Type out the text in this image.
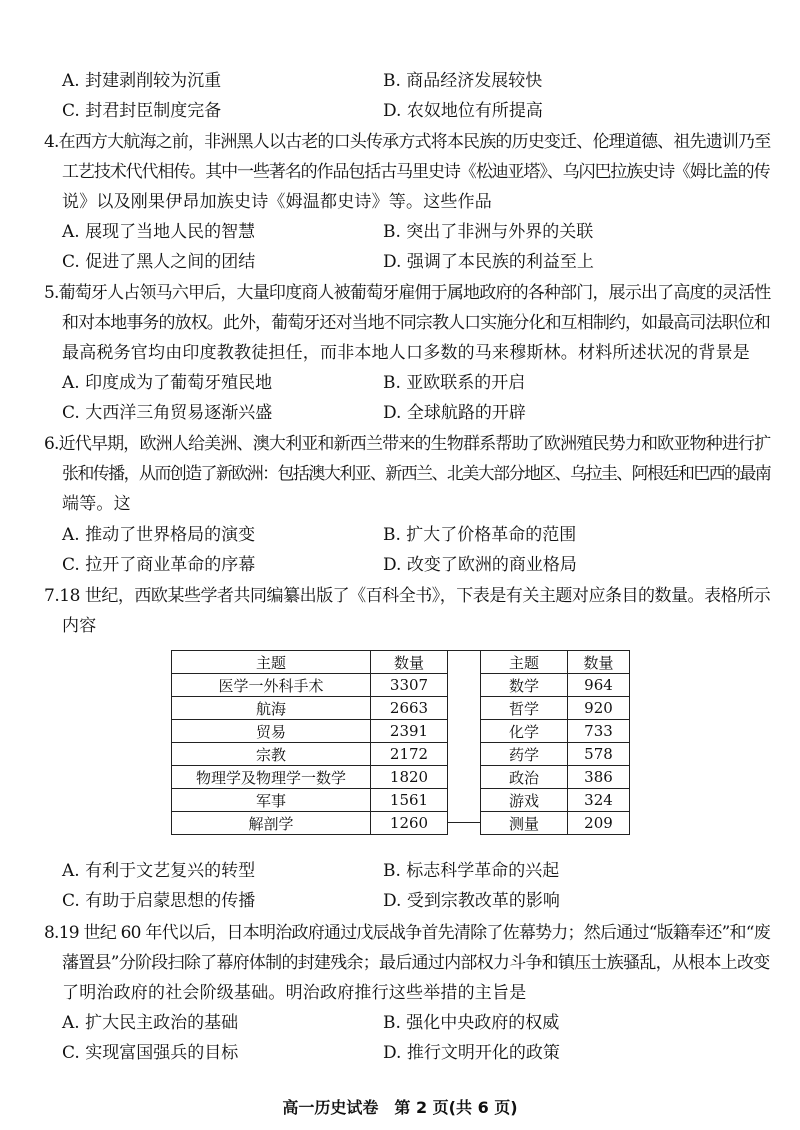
A. 封建剥削较为沉重	B. 商品经济发展较快
C. 封君封臣制度完备	D. 农奴地位有所提高
4.在西方大航海之前，非洲黑人以古老的口头传承方式将本民族的历史变迁、伦理道德、祖先遗训乃至
工艺技术代代相传。其中一些著名的作品包括古马里史诗《松迪亚塔》、乌闪巴拉族史诗《姆比盖的传
说》以及刚果伊昂加族史诗《姆温都史诗》等。这些作品
A. 展现了当地人民的智慧	B. 突出了非洲与外界的关联
C. 促进了黑人之间的团结	D. 强调了本民族的利益至上
5.葡萄牙人占领马六甲后，大量印度商人被葡萄牙雇佣于属地政府的各种部门，展示出了高度的灵活性
和对本地事务的放权。此外，葡萄牙还对当地不同宗教人口实施分化和互相制约，如最高司法职位和
最高税务官均由印度教教徒担任，而非本地人口多数的马来穆斯林。材料所述状况的背景是
A. 印度成为了葡萄牙殖民地	B. 亚欧联系的开启
C. 大西洋三角贸易逐渐兴盛	D. 全球航路的开辟
6.近代早期，欧洲人给美洲、澳大利亚和新西兰带来的生物群系帮助了欧洲殖民势力和欧亚物种进行扩
张和传播，从而创造了新欧洲：包括澳大利亚、新西兰、北美大部分地区、乌拉圭、阿根廷和巴西的最南
端等。这
A. 推动了世界格局的演变	B. 扩大了价格革命的范围
C. 拉开了商业革命的序幕	D. 改变了欧洲的商业格局
7.18 世纪，西欧某些学者共同编纂出版了《百科全书》，下表是有关主题对应条目的数量。表格所示
内容
主题	数量
医学一外科手术	3307
航海	2663
贸易	2391
宗教	2172
物理学及物理学一数学	1820
军事	1561
解剖学	1260
主题	数量
数学	964
哲学	920
化学	733
药学	578
政治	386
游戏	324
测量	209
A. 有利于文艺复兴的转型	B. 标志科学革命的兴起
C. 有助于启蒙思想的传播	D. 受到宗教改革的影响
8.19 世纪 60 年代以后，日本明治政府通过戊辰战争首先清除了佐幕势力；然后通过“版籍奉还”和“废
藩置县”分阶段扫除了幕府体制的封建残余；最后通过内部权力斗争和镇压士族骚乱，从根本上改变
了明治政府的社会阶级基础。明治政府推行这些举措的主旨是
A. 扩大民主政治的基础	B. 强化中央政府的权威
C. 实现富国强兵的目标	D. 推行文明开化的政策
高一历史试卷　第 2 页(共 6 页)
